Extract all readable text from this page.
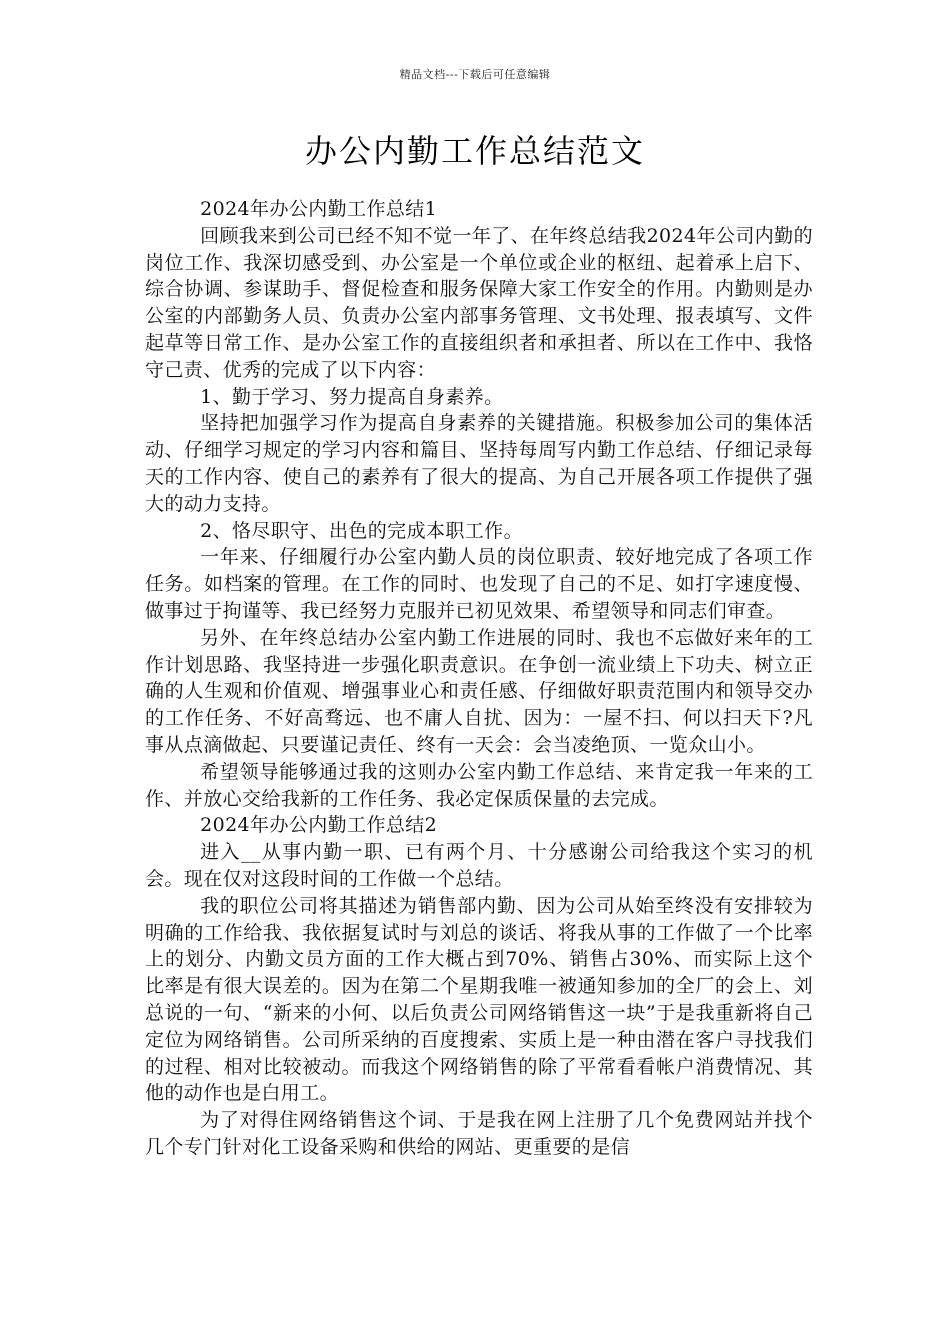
精品文档---下载后可任意编辑
办公内勤工作总结范文

2024年办公内勤工作总结1

回顾我来到公司已经不知不觉一年了、在年终总结我2024年公司内勤的岗位工作、我深切感受到、办公室是一个单位或企业的枢纽、起着承上启下、综合协调、参谋助手、督促检查和服务保障大家工作安全的作用。内勤则是办公室的内部勤务人员、负责办公室内部事务管理、文书处理、报表填写、文件起草等日常工作、是办公室工作的直接组织者和承担者、所以在工作中、我恪守己责、优秀的完成了以下内容：

1、勤于学习、努力提高自身素养。

坚持把加强学习作为提高自身素养的关键措施。积极参加公司的集体活动、仔细学习规定的学习内容和篇目、坚持每周写内勤工作总结、仔细记录每天的工作内容、使自己的素养有了很大的提高、为自己开展各项工作提供了强大的动力支持。

2、恪尽职守、出色的完成本职工作。

一年来、仔细履行办公室内勤人员的岗位职责、较好地完成了各项工作任务。如档案的管理。在工作的同时、也发现了自己的不足、如打字速度慢、做事过于拘谨等、我已经努力克服并已初见效果、希望领导和同志们审查。

另外、在年终总结办公室内勤工作进展的同时、我也不忘做好来年的工作计划思路、我坚持进一步强化职责意识。在争创一流业绩上下功夫、树立正确的人生观和价值观、增强事业心和责任感、仔细做好职责范围内和领导交办的工作任务、不好高骛远、也不庸人自扰、因为：一屋不扫、何以扫天下?凡事从点滴做起、只要谨记责任、终有一天会：会当凌绝顶、一览众山小。

希望领导能够通过我的这则办公室内勤工作总结、来肯定我一年来的工作、并放心交给我新的工作任务、我必定保质保量的去完成。

2024年办公内勤工作总结2

进入__从事内勤一职、已有两个月、十分感谢公司给我这个实习的机会。现在仅对这段时间的工作做一个总结。

我的职位公司将其描述为销售部内勤、因为公司从始至终没有安排较为明确的工作给我、我依据复试时与刘总的谈话、将我从事的工作做了一个比率上的划分、内勤文员方面的工作大概占到70%、销售占30%、而实际上这个比率是有很大误差的。因为在第二个星期我唯一被通知参加的全厂的会上、刘总说的一句、“新来的小何、以后负责公司网络销售这一块”于是我重新将自己定位为网络销售。公司所采纳的百度搜索、实质上是一种由潜在客户寻找我们的过程、相对比较被动。而我这个网络销售的除了平常看看帐户消费情况、其他的动作也是白用工。

为了对得住网络销售这个词、于是我在网上注册了几个免费网站并找个几个专门针对化工设备采购和供给的网站、更重要的是信
